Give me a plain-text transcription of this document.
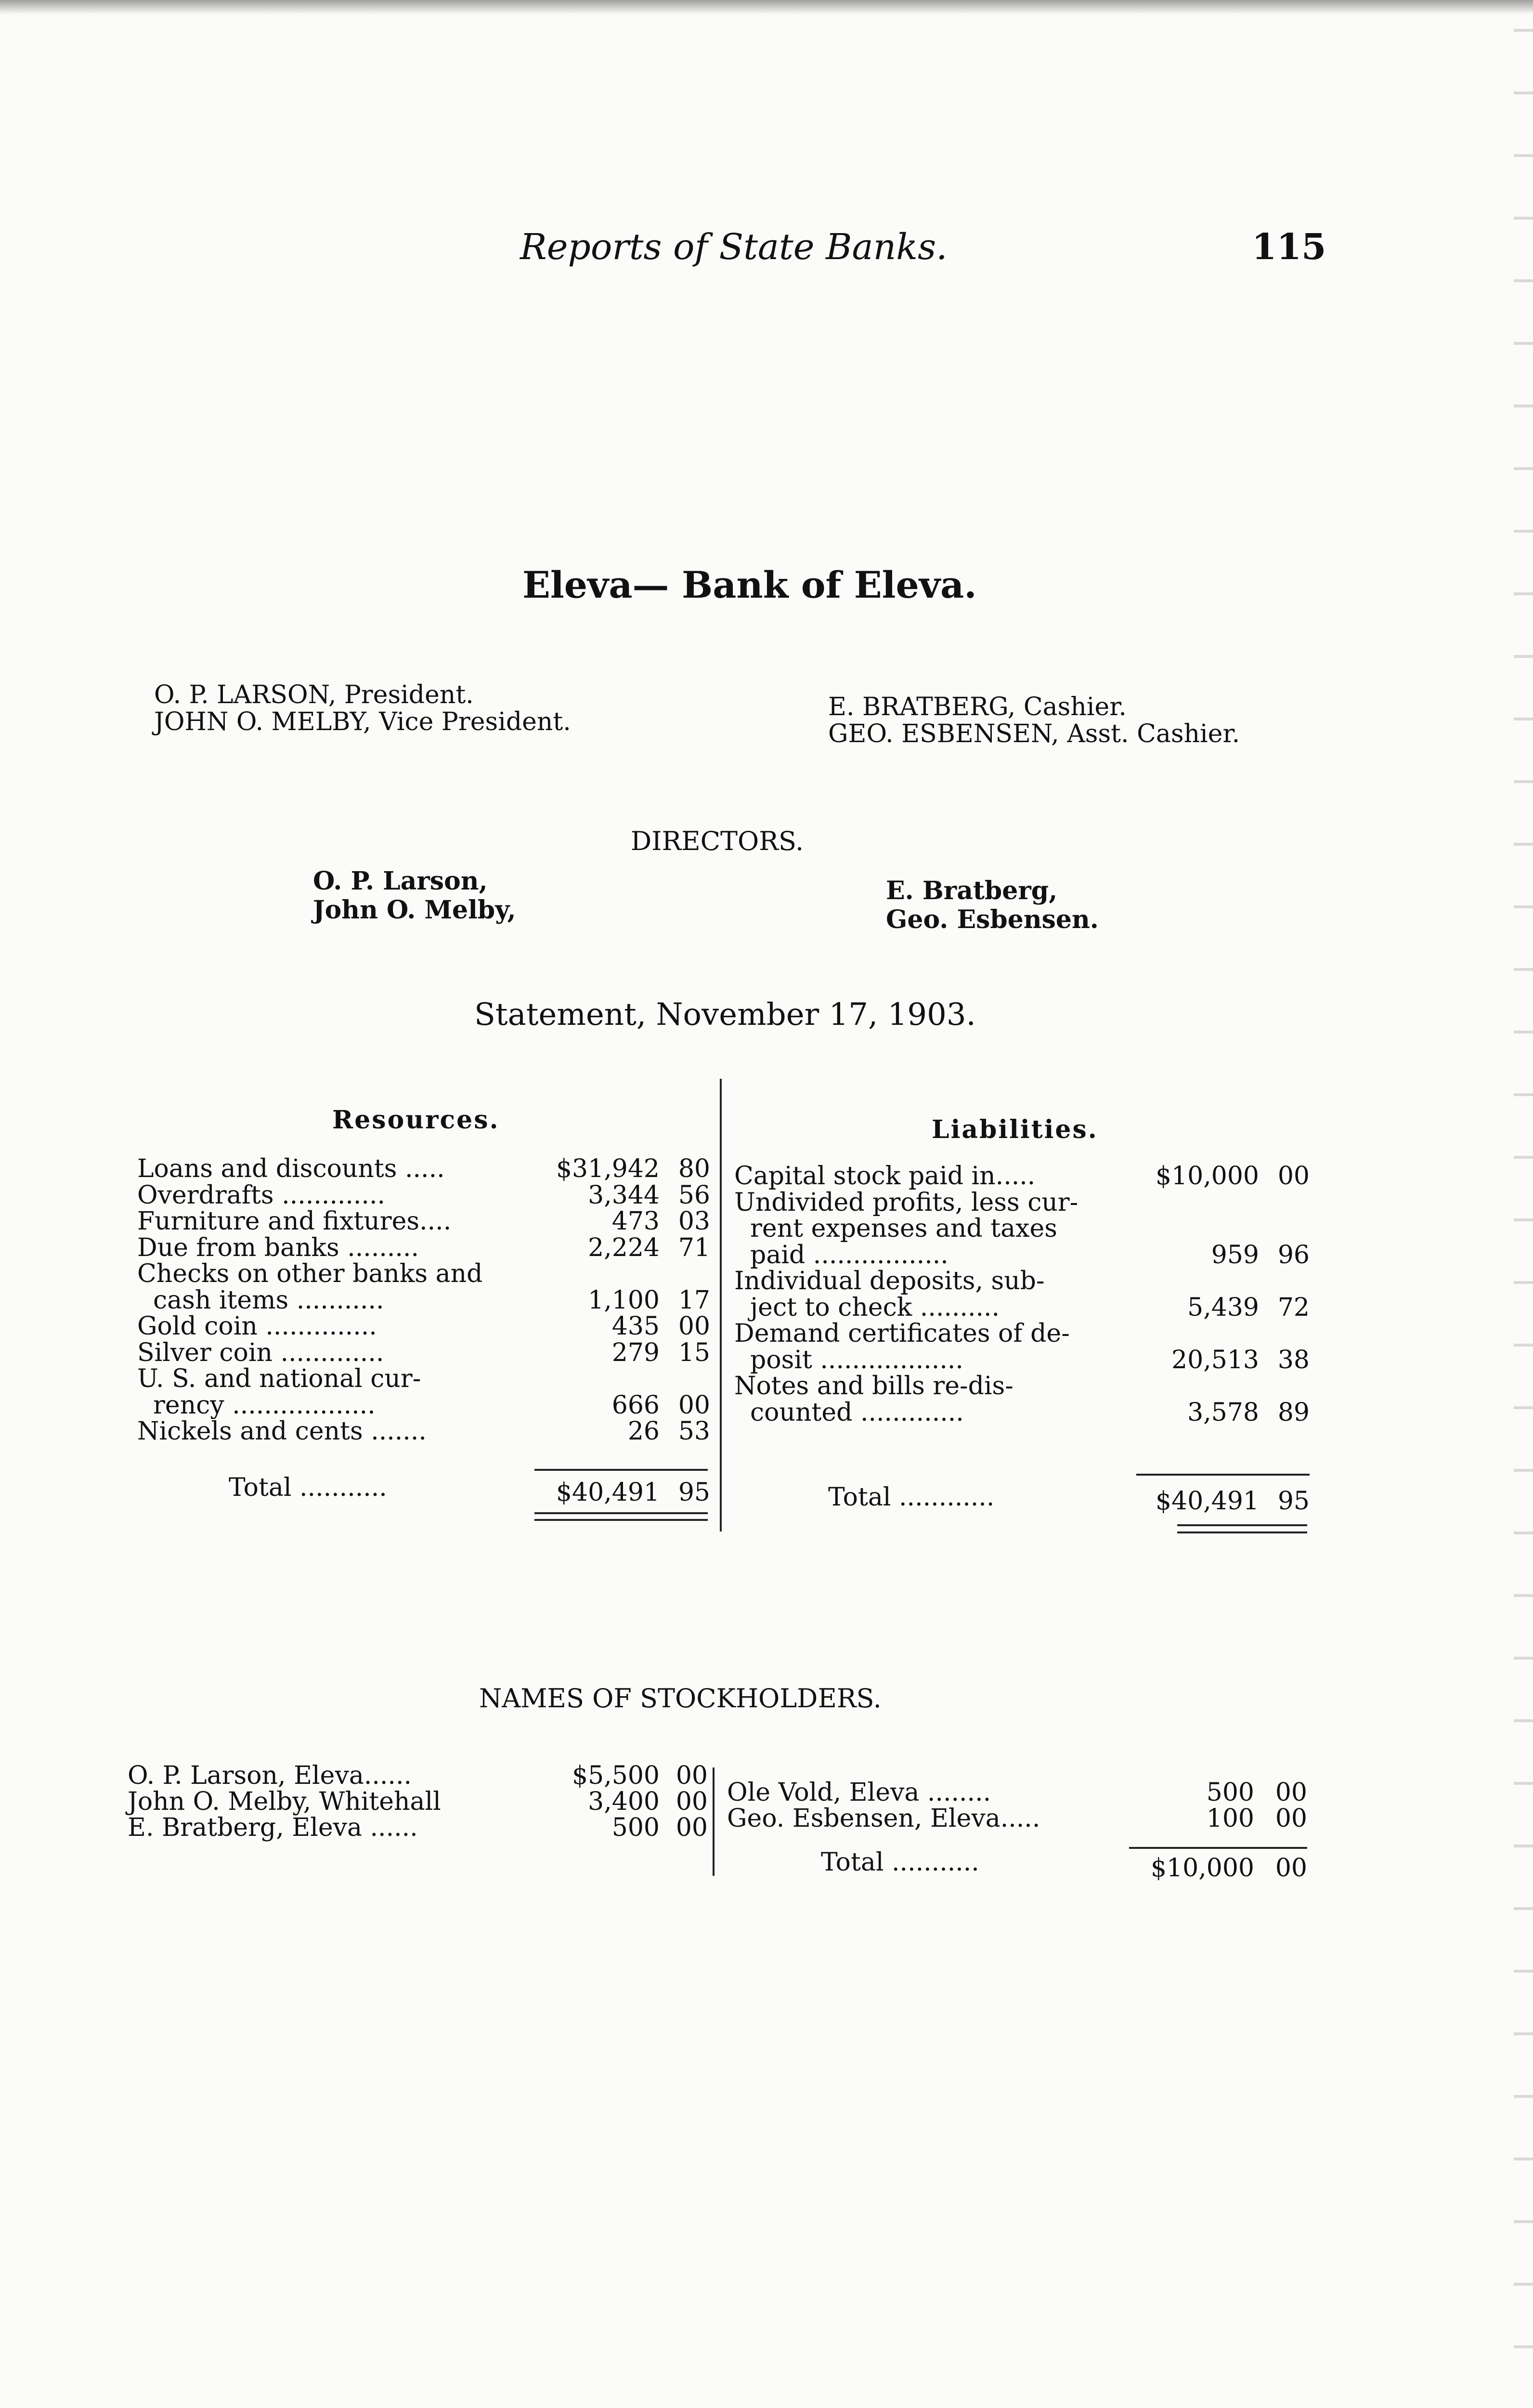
Reports of State Banks.	115
Eleva— Bank of Eleva.
O. P. LARSON, President.
JOHN O. MELBY, Vice President.
E. BRATBERG, Cashier.
GEO. ESBENSEN, Asst. Cashier.
DIRECTORS.
O. P. Larson,
John O. Melby,
E. Bratberg,
Geo. Esbensen.
Statement, November 17, 1903.
Resources.	Liabilities.
Loans and discounts .....	$31,942 80
Overdrafts .............	3,344 56
Furniture and fixtures....	473 03
Due from banks .........	2,224 71
Checks on other banks and
cash items ...........	1,100 17
Gold coin ..............	435 00
Silver coin .............	279 15
U. S. and national cur-
rency ..................	666 00
Nickels and cents .......	26 53
Capital stock paid in.....	$10,000 00
Undivided profits, less cur-
rent expenses and taxes
paid .................	959 96
Individual deposits, sub-
ject to check ..........	5,439 72
Demand certificates of de-
posit ..................	20,513 38
Notes and bills re-dis-
counted .............	3,578 89
Total ...........	$40,491 95	Total ............	$40,491 95
NAMES OF STOCKHOLDERS.
O. P. Larson, Eleva......	$5,500 00
John O. Melby, Whitehall	3,400 00
E. Bratberg, Eleva ......	500 00
Ole Vold, Eleva ........	500 00
Geo. Esbensen, Eleva.....	100 00
Total ...........	$10,000 00
